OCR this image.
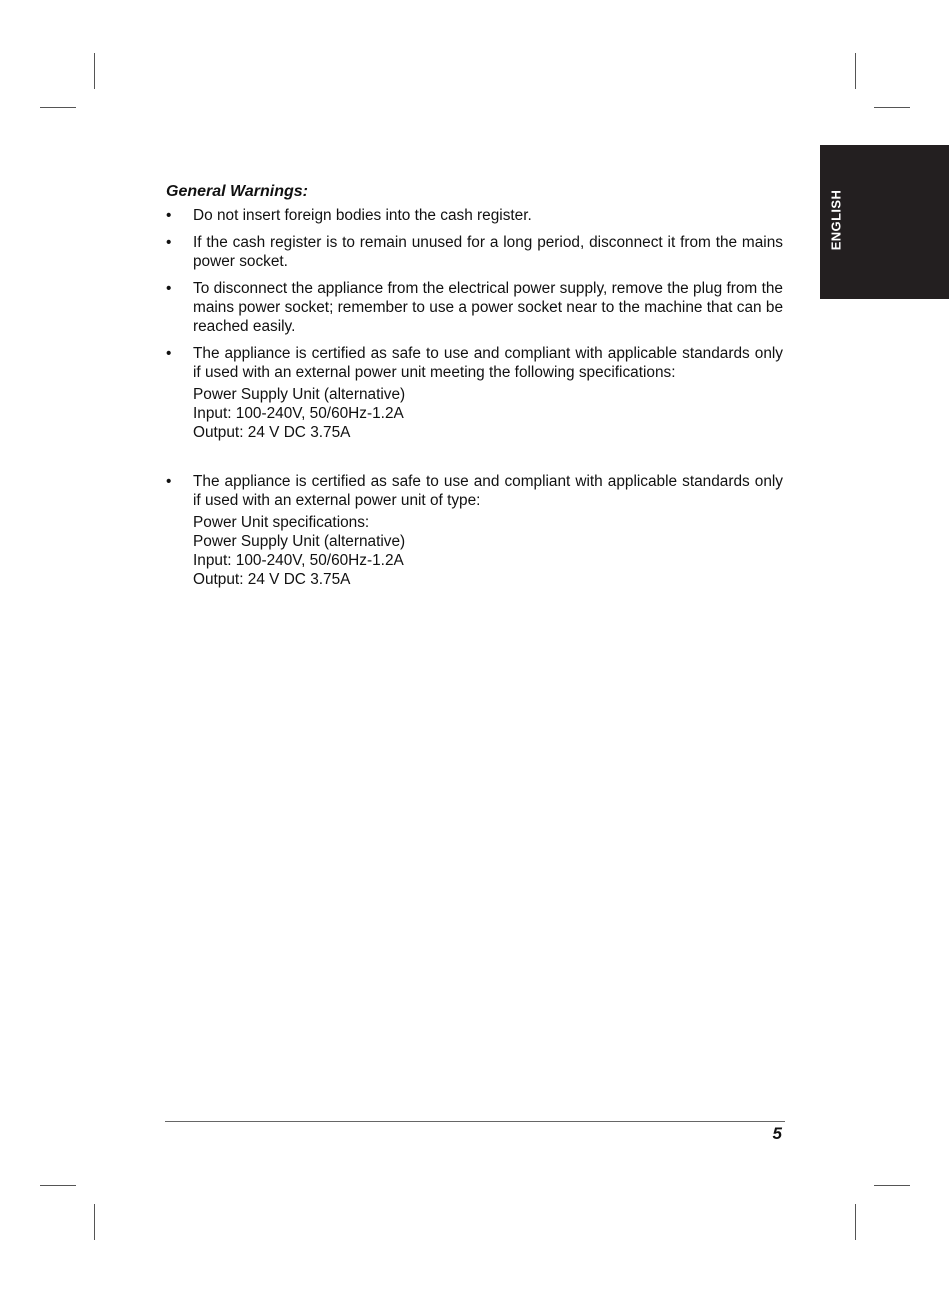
ENGLISH
General Warnings:
• Do not insert foreign bodies into the cash register.
• If the cash register is to remain unused for a long period, disconnect it from the mains power socket.
• To disconnect the appliance from the electrical power supply, remove the plug from the mains power socket; remember to use a power socket near to the machine that can be reached easily.
• The appliance is certified as safe to use and compliant with applicable standards only if used with an external power unit meeting the following specifications:
Power Supply Unit (alternative)
Input: 100-240V, 50/60Hz-1.2A
Output: 24 V DC 3.75A
• The appliance is certified as safe to use and compliant with applicable standards only if used with an external power unit of type:
Power Unit specifications:
Power Supply Unit (alternative)
Input: 100-240V, 50/60Hz-1.2A
Output: 24 V DC 3.75A
5
